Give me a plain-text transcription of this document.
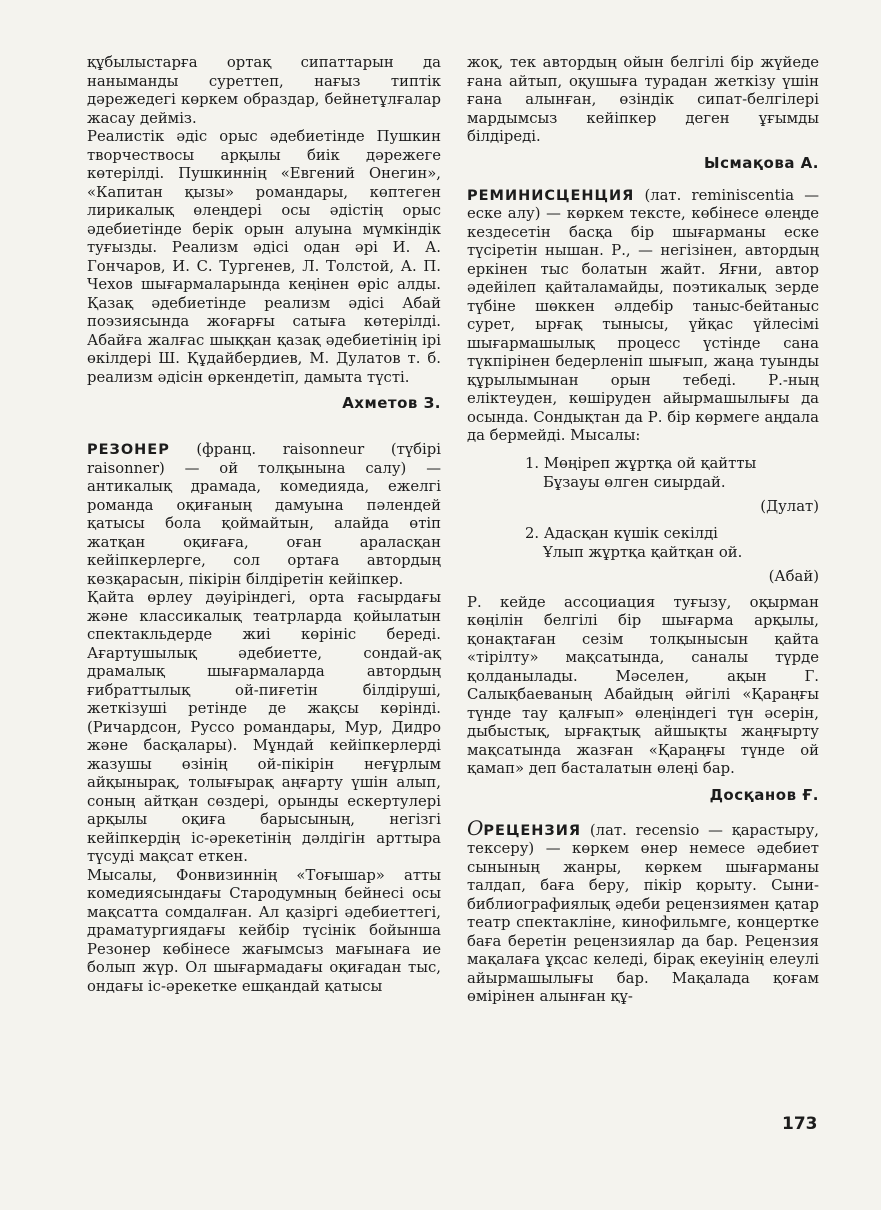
құбылыстарға ортақ сипаттарын да наныманды суреттеп, нағыз типтік дәрежедегі көркем образдар, бейнетұлғалар жасау деймiз.

Реалистік әдіс орыс әдебиетінде Пушкин творчествосы арқылы биік дәрежеге көтерілді. Пушкиннің «Евгений Онегин», «Капитан қызы» романдары, көптеген лирикалық өлеңдері осы әдістің орыс әдебиетінде берік орын алуына мүмкіндік туғызды. Реализм әдісі одан әрі И. А. Гончаров, И. С. Тургенев, Л. Толстой, А. П. Чехов шығармаларында кеңінен өріс алды. Қазақ әдебиетінде реализм әдісі Абай поэзиясында жоғарғы сатыға көтерілді. Абайға жалғас шыққан қазақ әдебиетінің ірі өкілдері Ш. Құдайбердиев, М. Дулатов т. б. реализм әдісін өркендетіп, дамыта түсті.

Ахметов З.

РЕЗОНЕР (франц. raisonneur (түбірі raisonner) — ой толқынына салу) — антикалық драмада, комедияда, ежелгі романда оқиғаның дамуына пәлендей қатысы бола қоймайтын, алайда өтіп жатқан оқиғаға, оған араласқан кейіпкерлерге, сол ортаға автордың көзқарасын, пікірін білдіретін кейіпкер.

Қайта өрлеу дәуіріндегі, орта ғасырдағы және классикалық театрларда қойылатын спектакльдерде жиі көрініс береді. Ағартушылық әдебиетте, сондай-ақ драмалық шығармаларда автордың ғибраттылық ой-пиғетін білдіруші, жеткізуші ретінде де жақсы көрінді. (Ричардсон, Руссо романдары, Мур, Дидро және басқалары). Мұндай кейіпкерлерді жазушы өзінің ой-пікірін неғұрлым айқынырақ, толығырақ аңғарту үшін алып, соның айтқан сөздері, орынды ескертулері арқылы оқиға барысының, негізгі кейіпкердің іс-әрекетінің дәлдігін арттыра түсуді мақсат еткен.

Мысалы, Фонвизиннің «Тоғышар» атты комедиясындағы Стародумның бейнесі осы мақсатта сомдалған. Ал қазіргі әдебиеттегі, драматургиядағы кейбір түсінік бойынша Резонер көбінесе жағымсыз мағынаға ие болып жүр. Ол шығармадағы оқиғадан тыс, ондағы іс-әрекетке ешқандай қатысы

жоқ, тек автордың ойын белгілі бір жүйеде ғана айтып, оқушыға турадан жеткізу үшін ғана алынған, өзіндік сипат-белгілері мардымсыз кейіпкер деген ұғымды білдіреді.

Ысмақова А.

РЕМИНИСЦЕНЦИЯ (лат. reminiscentia — еске алу) — көркем тексте, көбінесе өлеңде кездесетін басқа бір шығарманы еске түсіретін нышан. Р., — негізінен, автордың еркінен тыс болатын жайт. Яғни, автор әдейілеп қайталамайды, поэтикалық зерде түбіне шөккен әлдебір таныс-бейтаныс сурет, ырғақ тынысы, үйқас үйлесімі шығармашылық процесс үстінде сана түкпірінен бедерленіп шығып, жаңа туынды құрылымынан орын тебеді. Р.-ның еліктеуден, көшіруден айырмашылығы да осында. Сондықтан да Р. бір көрмеге аңдала да бермейді. Мысалы:

1. Мөңіреп жұртқа ой қайтты

Бұзауы өлген сиырдай.

(Дулат)

2. Адасқан күшік секілді

Ұлып жұртқа қайтқан ой.

(Абай)

Р. кейде ассоциация туғызу, оқырман көңілін белгілі бір шығарма арқылы, қонақтаған сезім толқынысын қайта «тірілту» мақсатында, саналы түрде қолданылады. Мәселен, ақын Г. Салықбаеваның Абайдың әйгілі «Қараңғы түнде тау қалғып» өлеңіндегі түн әсерін, дыбыстық, ырғақтық айшықты жаңғырту мақсатында жазған «Қараңғы түнде ой қамап» деп басталатын өлеңі бар.

Досқанов Ғ.

ОРЕЦЕНЗИЯ (лат. recensio — қарастыру, тексеру) — көркем өнер немесе әдебиет сынының жанры, көркем шығарманы талдап, баға беру, пікір қорыту. Сыни-библиографиялық әдеби рецензиямен қатар театр спектакліне, кинофильмге, концертке баға беретін рецензиялар да бар. Рецензия мақалаға ұқсас келеді, бірақ екеуінің елеулі айырмашылығы бар. Мақалада қоғам өмірінен алынған құ-

173
